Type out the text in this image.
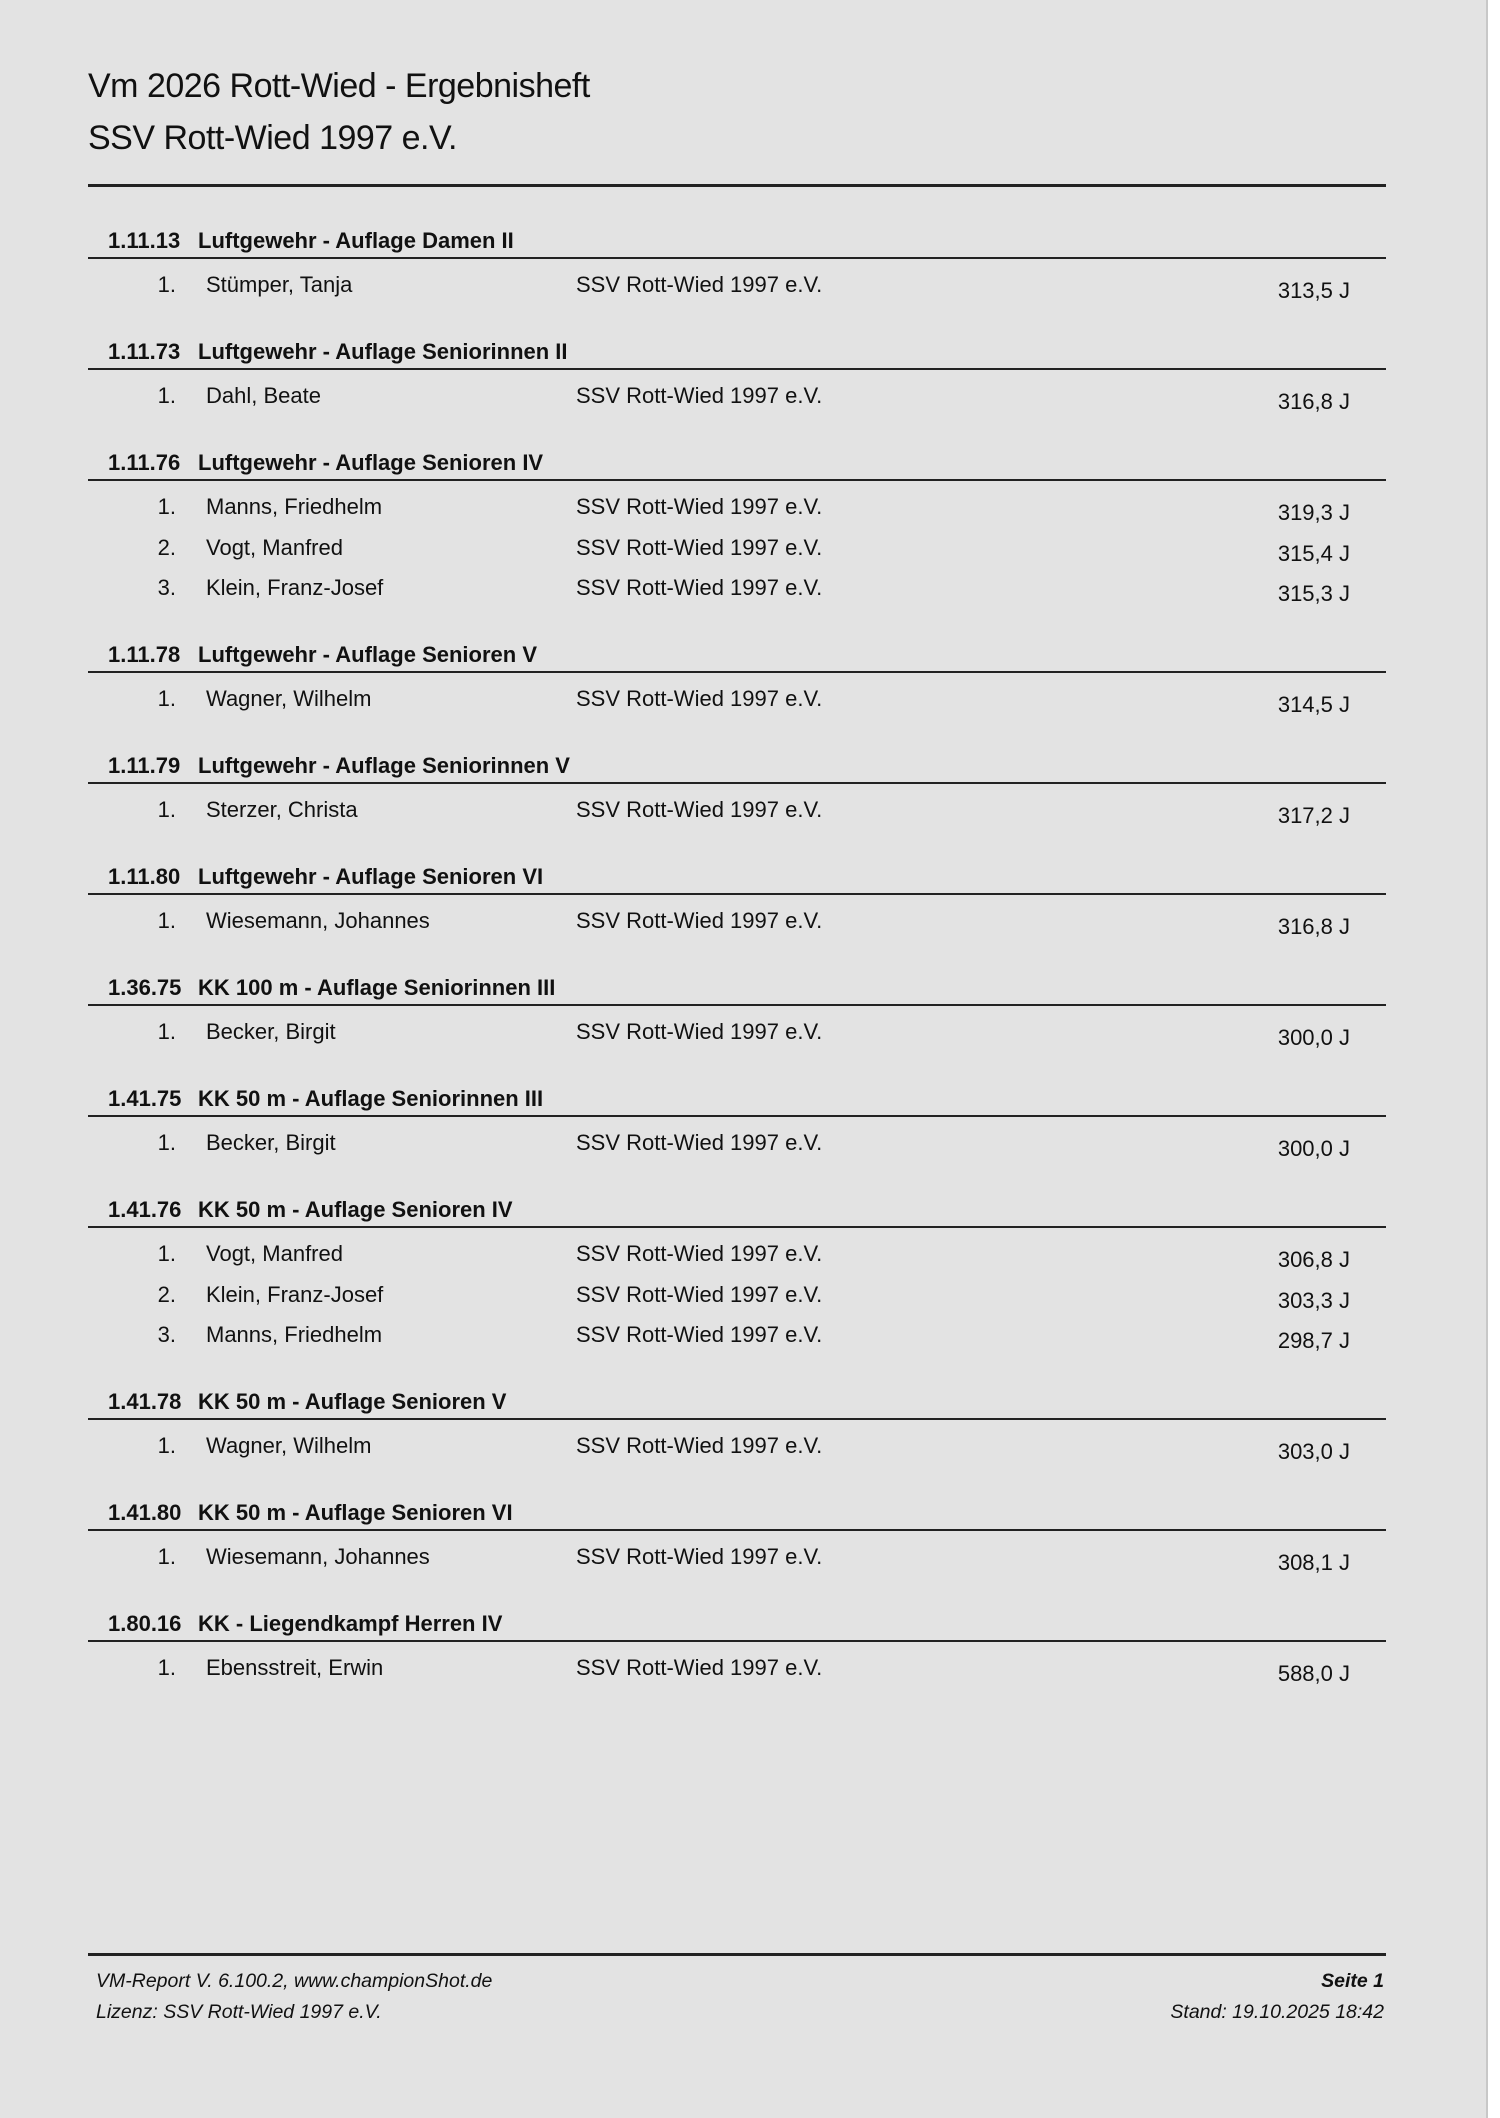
Vm 2026 Rott-Wied - Ergebnisheft
SSV Rott-Wied 1997 e.V.
1.11.13 Luftgewehr - Auflage Damen II
1. Stümper, Tanja	SSV Rott-Wied 1997 e.V.	313,5 J
1.11.73 Luftgewehr - Auflage Seniorinnen II
1. Dahl, Beate	SSV Rott-Wied 1997 e.V.	316,8 J
1.11.76 Luftgewehr - Auflage Senioren IV
1. Manns, Friedhelm	SSV Rott-Wied 1997 e.V.	319,3 J
2. Vogt, Manfred	SSV Rott-Wied 1997 e.V.	315,4 J
3. Klein, Franz-Josef	SSV Rott-Wied 1997 e.V.	315,3 J
1.11.78 Luftgewehr - Auflage Senioren V
1. Wagner, Wilhelm	SSV Rott-Wied 1997 e.V.	314,5 J
1.11.79 Luftgewehr - Auflage Seniorinnen V
1. Sterzer, Christa	SSV Rott-Wied 1997 e.V.	317,2 J
1.11.80 Luftgewehr - Auflage Senioren VI
1. Wiesemann, Johannes	SSV Rott-Wied 1997 e.V.	316,8 J
1.36.75 KK 100 m - Auflage Seniorinnen III
1. Becker, Birgit	SSV Rott-Wied 1997 e.V.	300,0 J
1.41.75 KK 50 m - Auflage Seniorinnen III
1. Becker, Birgit	SSV Rott-Wied 1997 e.V.	300,0 J
1.41.76 KK 50 m - Auflage Senioren IV
1. Vogt, Manfred	SSV Rott-Wied 1997 e.V.	306,8 J
2. Klein, Franz-Josef	SSV Rott-Wied 1997 e.V.	303,3 J
3. Manns, Friedhelm	SSV Rott-Wied 1997 e.V.	298,7 J
1.41.78 KK 50 m - Auflage Senioren V
1. Wagner, Wilhelm	SSV Rott-Wied 1997 e.V.	303,0 J
1.41.80 KK 50 m - Auflage Senioren VI
1. Wiesemann, Johannes	SSV Rott-Wied 1997 e.V.	308,1 J
1.80.16 KK - Liegendkampf Herren IV
1. Ebensstreit, Erwin	SSV Rott-Wied 1997 e.V.	588,0 J
VM-Report V. 6.100.2, www.championShot.de
Lizenz: SSV Rott-Wied 1997 e.V.
Seite 1
Stand: 19.10.2025 18:42
